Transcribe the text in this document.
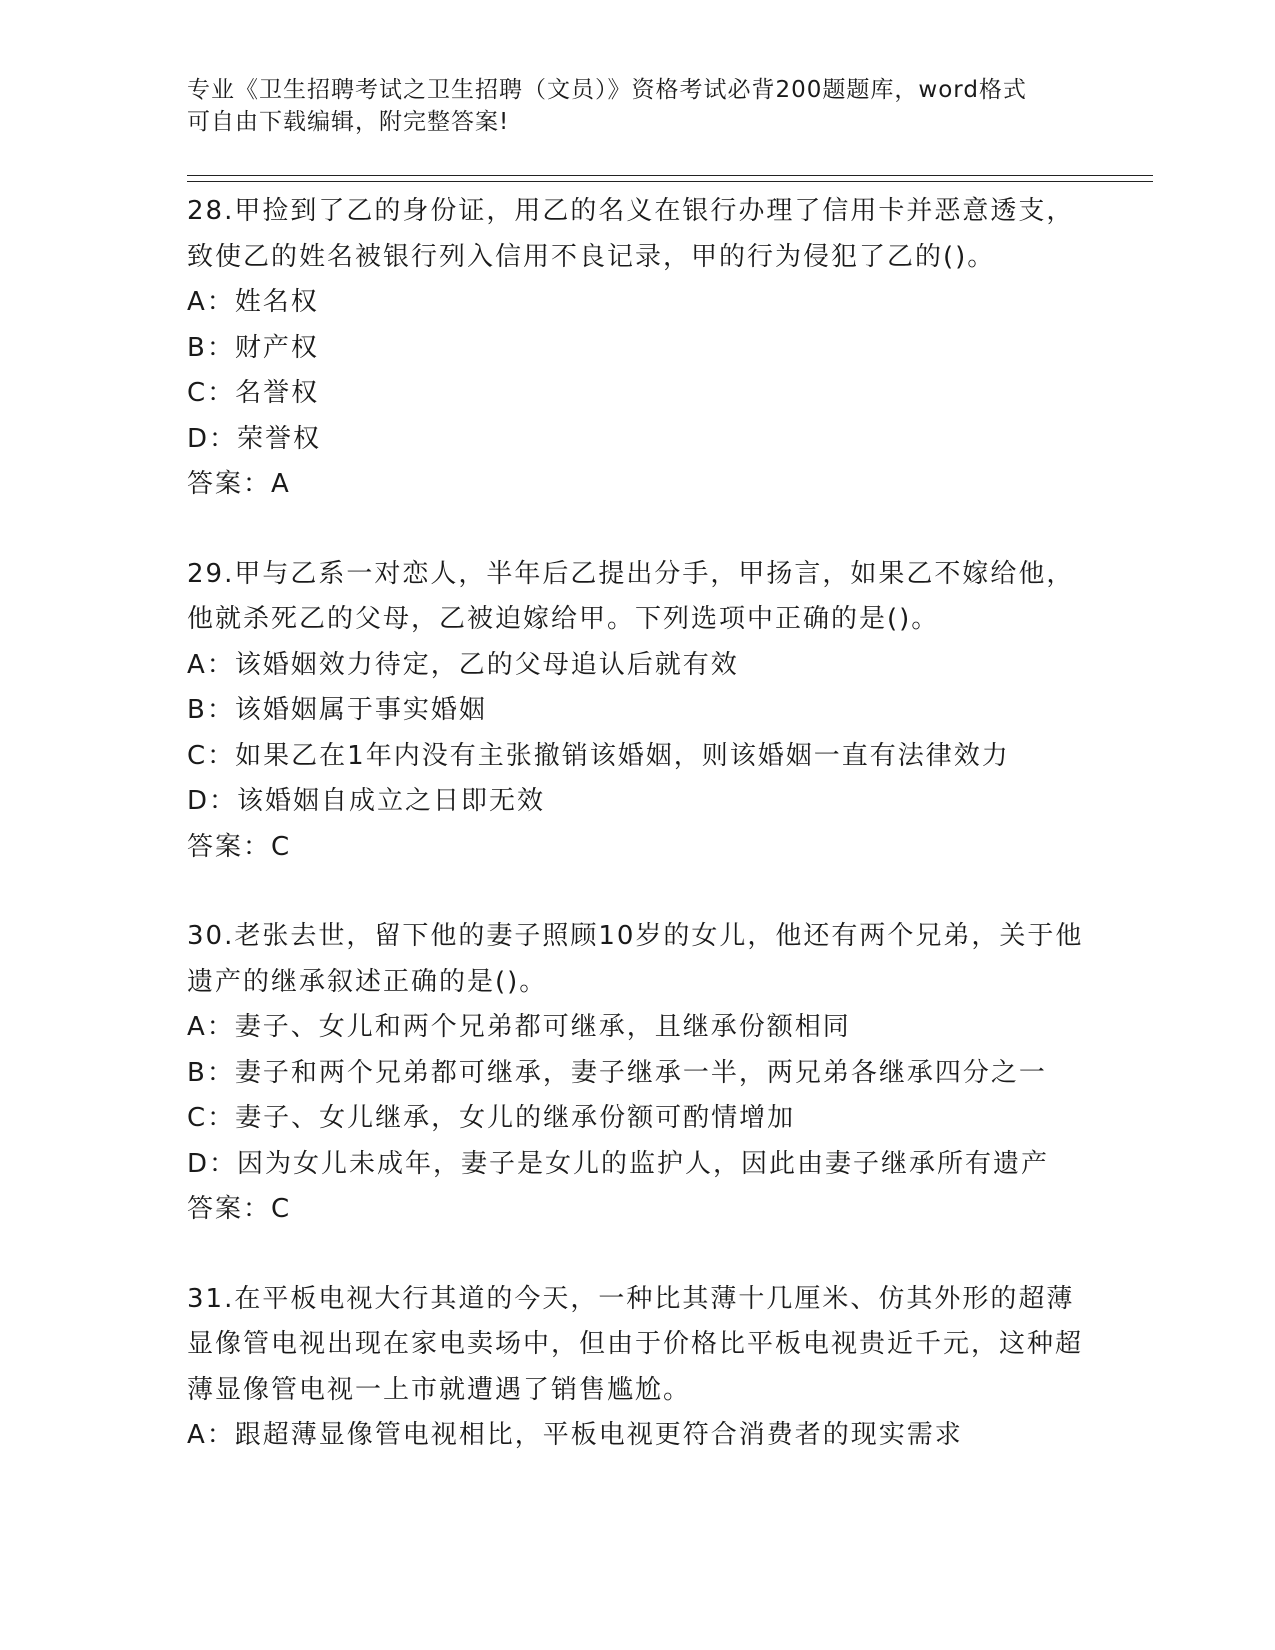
专业《卫生招聘考试之卫生招聘（文员）》资格考试必背200题题库，word格式
可自由下载编辑，附完整答案!

28.甲捡到了乙的身份证，用乙的名义在银行办理了信用卡并恶意透支，致使乙的姓名被银行列入信用不良记录，甲的行为侵犯了乙的()。

A：姓名权
B：财产权
C：名誉权
D：荣誉权
答案：A

29.甲与乙系一对恋人，半年后乙提出分手，甲扬言，如果乙不嫁给他，他就杀死乙的父母，乙被迫嫁给甲。下列选项中正确的是()。

A：该婚姻效力待定，乙的父母追认后就有效
B：该婚姻属于事实婚姻
C：如果乙在1年内没有主张撤销该婚姻，则该婚姻一直有法律效力
D：该婚姻自成立之日即无效
答案：C

30.老张去世，留下他的妻子照顾10岁的女儿，他还有两个兄弟，关于他遗产的继承叙述正确的是()。

A：妻子、女儿和两个兄弟都可继承，且继承份额相同
B：妻子和两个兄弟都可继承，妻子继承一半，两兄弟各继承四分之一
C：妻子、女儿继承，女儿的继承份额可酌情增加
D：因为女儿未成年，妻子是女儿的监护人，因此由妻子继承所有遗产
答案：C

31.在平板电视大行其道的今天，一种比其薄十几厘米、仿其外形的超薄显像管电视出现在家电卖场中，但由于价格比平板电视贵近千元，这种超薄显像管电视一上市就遭遇了销售尴尬。

A：跟超薄显像管电视相比，平板电视更符合消费者的现实需求
